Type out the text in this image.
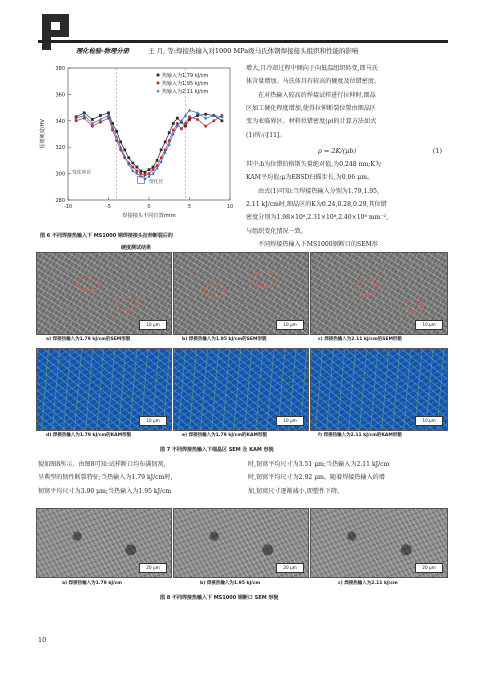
理化检验-物理分册	王 月, 等:焊接热输入对1000 MPa级马氏体钢焊接接头组织和性能的影响
280
300
320
340
360
380
-10	-5	0	5	10
焊接接头不同位置/mm
显微硬度/HV
变化界区
熔化区
热输入为1.79 kJ/cm
热输入为1.95 kJ/cm
热输入为2.11 kJ/cm
图 6 不同焊接热输入下 MS1000 钢焊接接头拉伸断裂后的
硬度测试结果

增大,且冷却过程中倾向于向低温组织转变,即马氏

体含量增加。马氏体具有较高的硬度及位错密度。

在对热输入较高的焊接试样进行拉伸时,细晶

区加工硬化程度增加,使得拉伸断裂位置由细晶区

变为亚临界区。材料位错密度(ρ)的计算方法如式

(1)所示[11]。

ρ = 2K/(μb)	(1)

其中:b为位错伯格斯矢量绝对值,为0.248 nm;K为

KAM平均值;μ为EBSD扫描步长,为0.06 μm。

由式(1)可知:当焊接热输入分别为1.79,1.95,

2.11 kJ/cm时,细晶区的K为0.24,0.28,0.29,其位错

密度分别为1.98×10⁸,2.31×10⁸,2.40×10⁸ mm⁻²,

与组织变化情况一致。

不同焊接热输入下MS1000钢断口的SEM形

10 μm	10 μm	10 μm
a) 焊接热输入为1.79 kJ/cm的SEM形貌	b) 焊接热输入为1.95 kJ/cm的SEM形貌	c) 焊接热输入为2.11 kJ/cm的SEM形貌
10 μm	10 μm	10 μm
d) 焊接热输入为1.79 kJ/cm的KAM形貌	e) 焊接热输入为1.79 kJ/cm的KAM形貌	f) 焊接热输入为2.11 kJ/cm的KAM形貌
图 7 不同焊接热输入下细晶区 SEM 及 KAM 形貌

貌如图8所示。由图8可知:试样断口均布满韧窝,

呈典型的韧性断裂特征;当热输入为1.79 kJ/cm时,

韧窝平均尺寸为3.90 μm;当热输入为1.95 kJ/cm

时,韧窝平均尺寸为3.51 μm;当热输入为2.11 kJ/cm

时,韧窝平均尺寸为2.92 μm。随着焊接热输入的增

加,韧窝尺寸逐渐减小,即塑性下降。

20 μm	20 μm	20 μm
a) 焊接热输入为1.79 kJ/cm	b) 焊接热输入为1.95 kJ/cm	c) 焊接热输入为2.11 kJ/cm
图 8 不同焊接热输入下 MS1000 钢断口 SEM 形貌
10
